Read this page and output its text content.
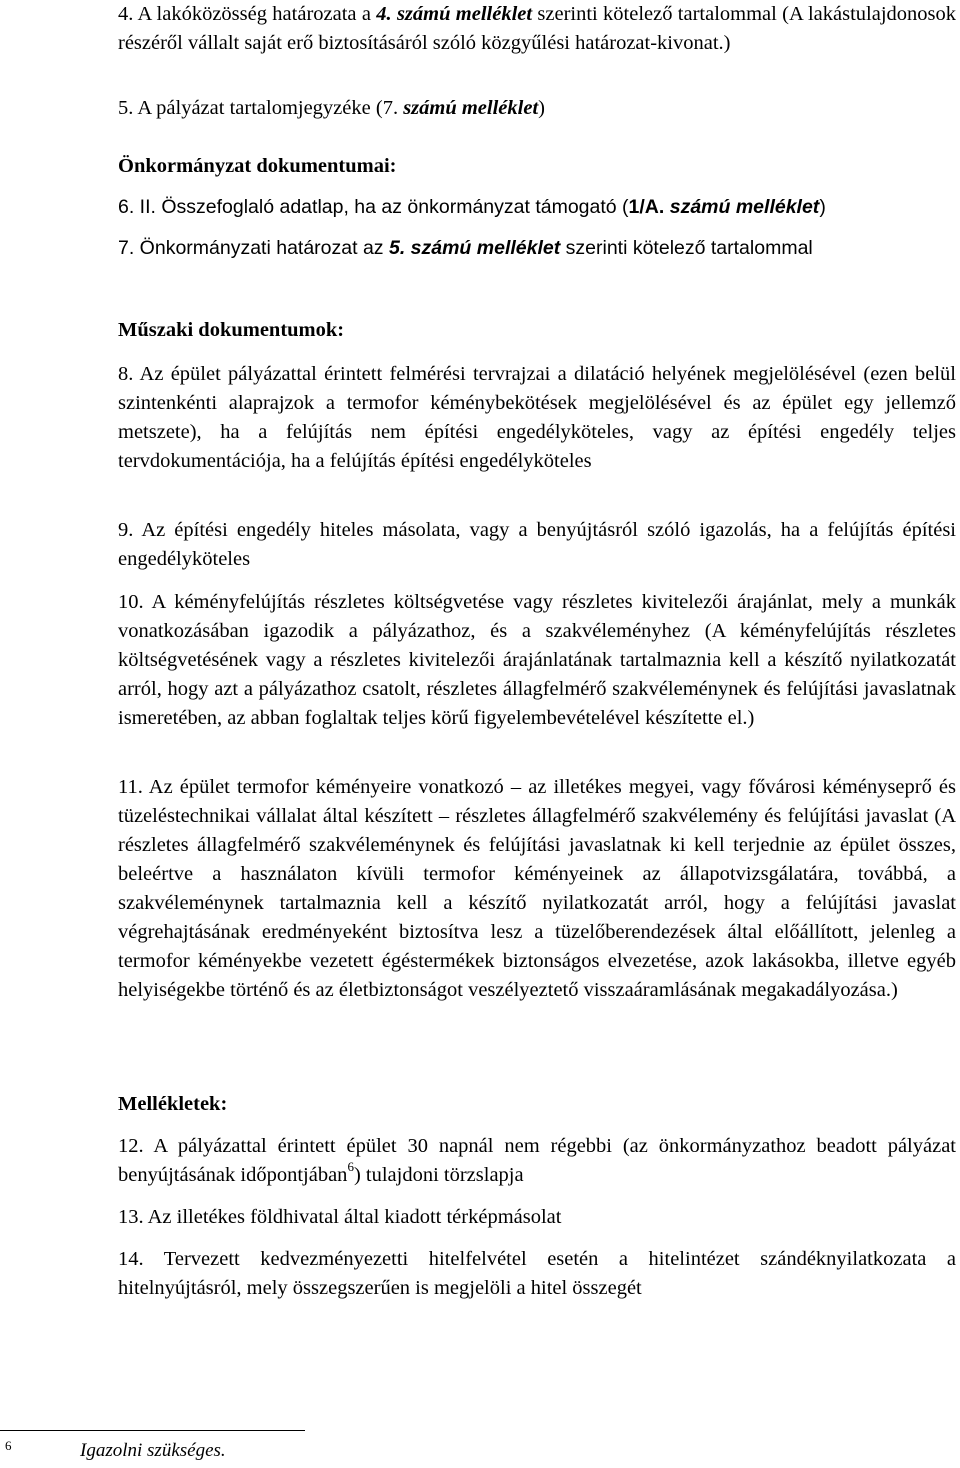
4. A lakóközösség határozata a 4. számú melléklet szerinti kötelező tartalommal (A lakástulajdonosok részéről vállalt saját erő biztosításáról szóló közgyűlési határozat-kivonat.)

5. A pályázat tartalomjegyzéke (7. számú melléklet)

Önkormányzat dokumentumai:

6. II. Összefoglaló adatlap, ha az önkormányzat támogató (1/A. számú melléklet)

7. Önkormányzati határozat az 5. számú melléklet szerinti kötelező tartalommal

Műszaki dokumentumok:

8. Az épület pályázattal érintett felmérési tervrajzai a dilatáció helyének megjelölésével (ezen belül szintenkénti alaprajzok a termofor kéménybekötések megjelölésével és az épület egy jellemző metszete), ha a felújítás nem építési engedélyköteles, vagy az építési engedély teljes tervdokumentációja, ha a felújítás építési engedélyköteles

9. Az építési engedély hiteles másolata, vagy a benyújtásról szóló igazolás, ha a felújítás építési engedélyköteles

10. A kéményfelújítás részletes költségvetése vagy részletes kivitelezői árajánlat, mely a munkák vonatkozásában igazodik a pályázathoz, és a szakvéleményhez (A kéményfelújítás részletes költségvetésének vagy a részletes kivitelezői árajánlatának tartalmaznia kell a készítő nyilatkozatát arról, hogy azt a pályázathoz csatolt, részletes állagfelmérő szakvéleménynek és felújítási javaslatnak ismeretében, az abban foglaltak teljes körű figyelembevételével készítette el.)

11. Az épület termofor kéményeire vonatkozó – az illetékes megyei, vagy fővárosi kéményseprő és tüzeléstechnikai vállalat által készített – részletes állagfelmérő szakvélemény és felújítási javaslat (A részletes állagfelmérő szakvéleménynek és felújítási javaslatnak ki kell terjednie az épület összes, beleértve a használaton kívüli termofor kéményeinek az állapotvizsgálatára, továbbá, a szakvéleménynek tartalmaznia kell a készítő nyilatkozatát arról, hogy a felújítási javaslat végrehajtásának eredményeként biztosítva lesz a tüzelőberendezések által előállított, jelenleg a termofor kéményekbe vezetett égéstermékek biztonságos elvezetése, azok lakásokba, illetve egyéb helyiségekbe történő és az életbiztonságot veszélyeztető visszaáramlásának megakadályozása.)

Mellékletek:

12. A pályázattal érintett épület 30 napnál nem régebbi (az önkormányzathoz beadott pályázat benyújtásának időpontjában$^6$) tulajdoni törzslapja

13. Az illetékes földhivatal által kiadott térképmásolat

14. Tervezett kedvezményezetti hitelfelvétel esetén a hitelintézet szándéknyilatkozata a hitelnyújtásról, mely összegszerűen is megjelöli a hitel összegét

6	Igazolni szükséges.
